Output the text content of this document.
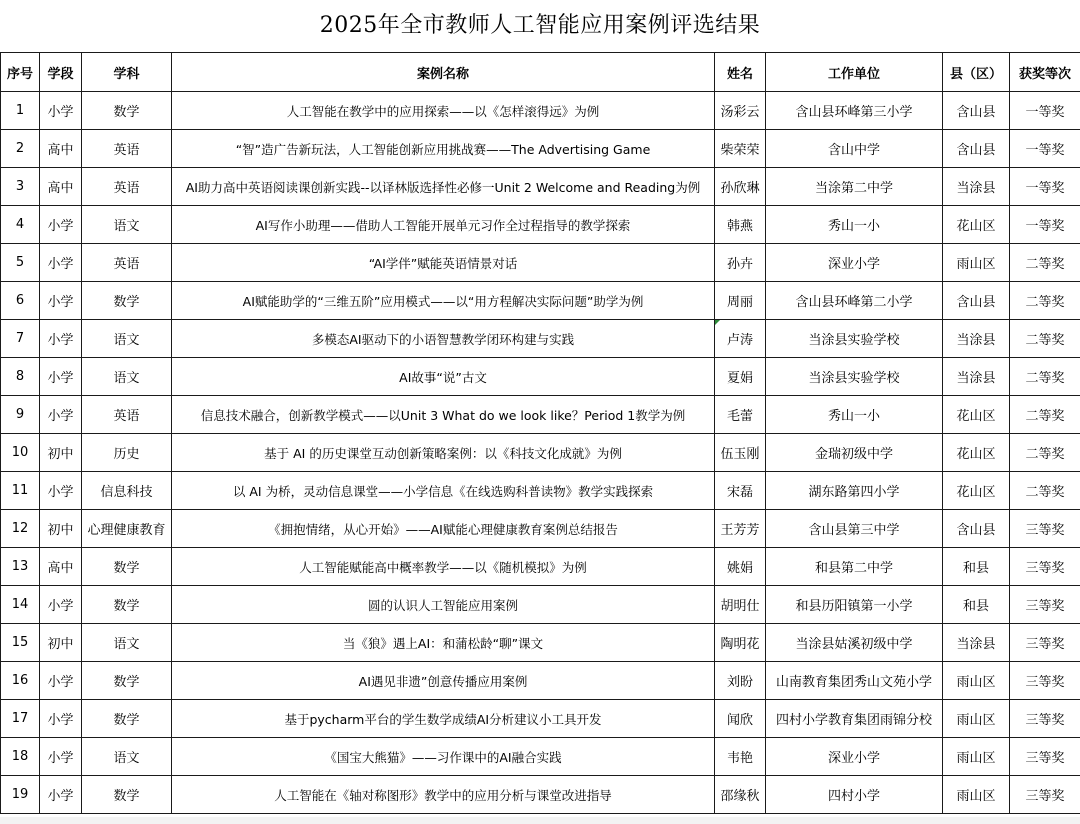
2025年全市教师人工智能应用案例评选结果
序号	学段	学科	案例名称	姓名	工作单位	县（区）	获奖等次
1	小学	数学	人工智能在教学中的应用探索——以《怎样滚得远》为例	汤彩云	含山县环峰第三小学	含山县	一等奖
2	高中	英语	“智”造广告新玩法，人工智能创新应用挑战赛——The Advertising Game	柴荣荣	含山中学	含山县	一等奖
3	高中	英语	AI助力高中英语阅读课创新实践--以译林版选择性必修一Unit 2 Welcome and Reading为例	孙欣琳	当涂第二中学	当涂县	一等奖
4	小学	语文	AI写作小助理——借助人工智能开展单元习作全过程指导的教学探索	韩燕	秀山一小	花山区	一等奖
5	小学	英语	“AI学伴”赋能英语情景对话	孙卉	深业小学	雨山区	二等奖
6	小学	数学	AI赋能助学的“三维五阶”应用模式——以“用方程解决实际问题”助学为例	周丽	含山县环峰第二小学	含山县	二等奖
7	小学	语文	多模态AI驱动下的小语智慧教学闭环构建与实践	卢涛	当涂县实验学校	当涂县	二等奖
8	小学	语文	AI故事“说”古文	夏娟	当涂县实验学校	当涂县	二等奖
9	小学	英语	信息技术融合，创新教学模式——以Unit 3 What do we look like？Period 1教学为例	毛蕾	秀山一小	花山区	二等奖
10	初中	历史	基于 AI 的历史课堂互动创新策略案例：以《科技文化成就》为例	伍玉刚	金瑞初级中学	花山区	二等奖
11	小学	信息科技	以 AI 为桥，灵动信息课堂——小学信息《在线选购科普读物》教学实践探索	宋磊	湖东路第四小学	花山区	二等奖
12	初中	心理健康教育	《拥抱情绪，从心开始》——AI赋能心理健康教育案例总结报告	王芳芳	含山县第三中学	含山县	三等奖
13	高中	数学	人工智能赋能高中概率教学——以《随机模拟》为例	姚娟	和县第二中学	和县	三等奖
14	小学	数学	圆的认识人工智能应用案例	胡明仕	和县历阳镇第一小学	和县	三等奖
15	初中	语文	当《狼》遇上AI：和蒲松龄“聊”课文	陶明花	当涂县姑溪初级中学	当涂县	三等奖
16	小学	数学	AI遇见非遗”创意传播应用案例	刘盼	山南教育集团秀山文苑小学	雨山区	三等奖
17	小学	数学	基于pycharm平台的学生数学成绩AI分析建议小工具开发	闻欣	四村小学教育集团雨锦分校	雨山区	三等奖
18	小学	语文	《国宝大熊猫》——习作课中的AI融合实践	韦艳	深业小学	雨山区	三等奖
19	小学	数学	人工智能在《轴对称图形》教学中的应用分析与课堂改进指导	邵缘秋	四村小学	雨山区	三等奖
